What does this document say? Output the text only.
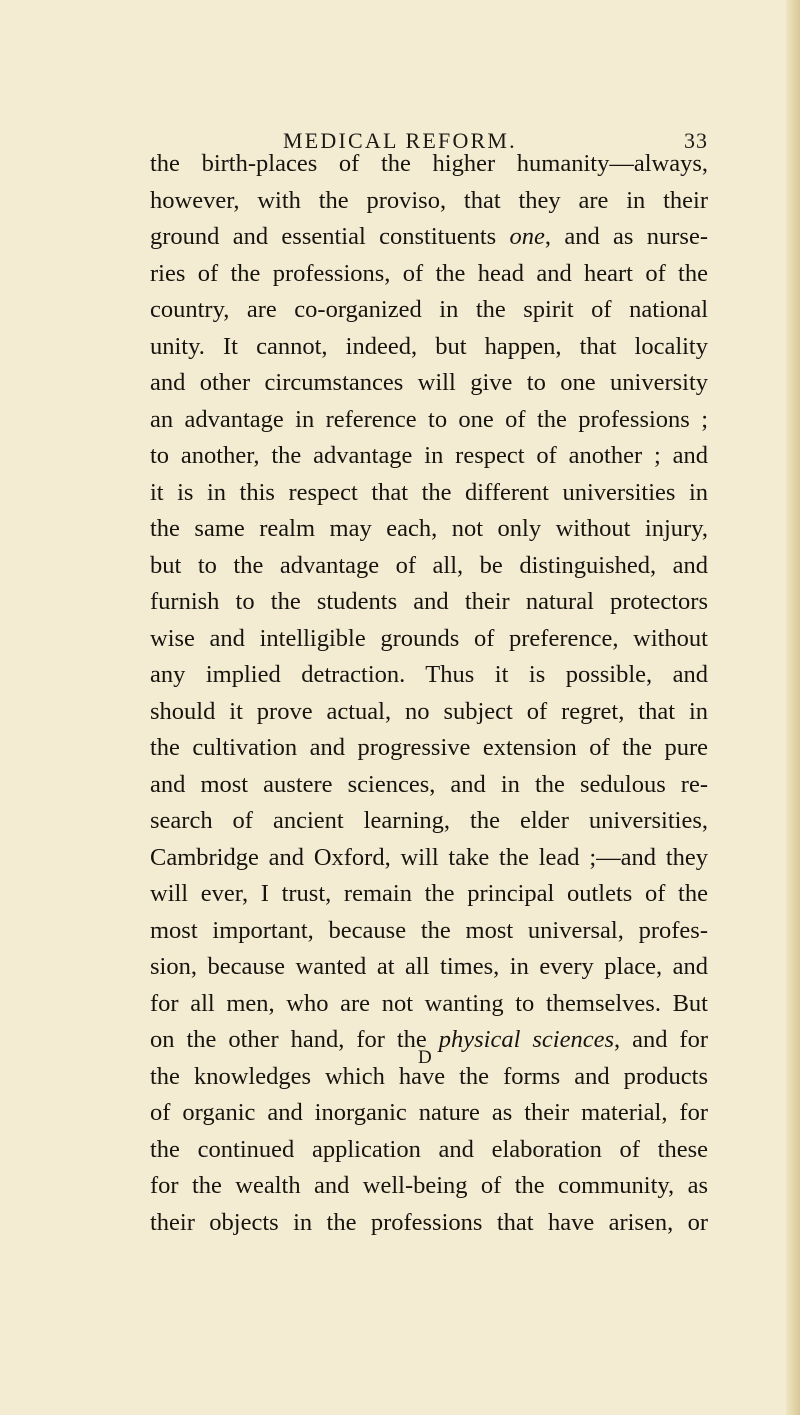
MEDICAL REFORM.	33
the birth-places of the higher humanity—always,
however, with the proviso, that they are in their
ground and essential constituents one, and as nurse-
ries of the professions, of the head and heart of the
country, are co-organized in the spirit of national
unity. It cannot, indeed, but happen, that locality
and other circumstances will give to one university
an advantage in reference to one of the professions ;
to another, the advantage in respect of another ; and
it is in this respect that the different universities in
the same realm may each, not only without injury,
but to the advantage of all, be distinguished, and
furnish to the students and their natural protectors
wise and intelligible grounds of preference, without
any implied detraction. Thus it is possible, and
should it prove actual, no subject of regret, that in
the cultivation and progressive extension of the pure
and most austere sciences, and in the sedulous re-
search of ancient learning, the elder universities,
Cambridge and Oxford, will take the lead ;—and they
will ever, I trust, remain the principal outlets of the
most important, because the most universal, profes-
sion, because wanted at all times, in every place, and
for all men, who are not wanting to themselves. But
on the other hand, for the physical sciences, and for
the knowledges which have the forms and products
of organic and inorganic nature as their material, for
the continued application and elaboration of these
for the wealth and well-being of the community, as
their objects in the professions that have arisen, or
D
